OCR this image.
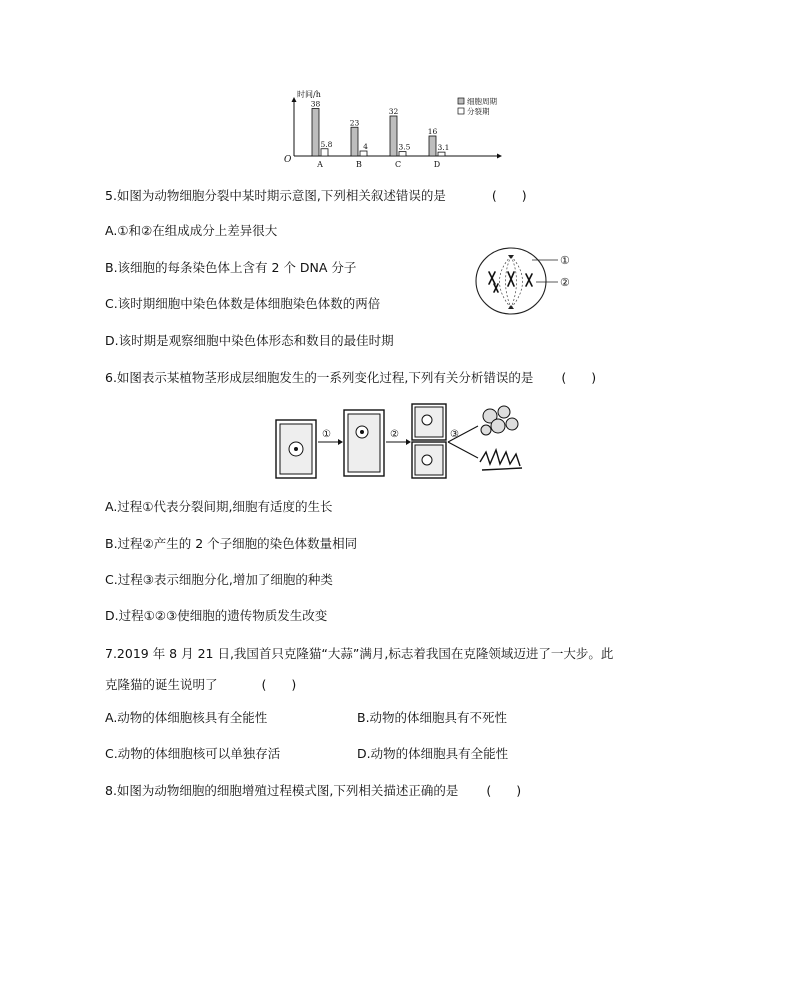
时间/h
O
38
5.8
A
23
4
B
32
3.5
C
16
3.1
D
细胞周期
分裂期
5.如图为动物细胞分裂中某时期示意图,下列相关叙述错误的是	(　　)
A.①和②在组成成分上差异很大
B.该细胞的每条染色体上含有 2 个 DNA 分子
C.该时期细胞中染色体数是体细胞染色体数的两倍
D.该时期是观察细胞中染色体形态和数目的最佳时期
①
②
6.如图表示某植物茎形成层细胞发生的一系列变化过程,下列有关分析错误的是 (　　)
①	②	③
A.过程①代表分裂间期,细胞有适度的生长
B.过程②产生的 2 个子细胞的染色体数量相同
C.过程③表示细胞分化,增加了细胞的种类
D.过程①②③使细胞的遗传物质发生改变
7.2019 年 8 月 21 日,我国首只克隆猫“大蒜”满月,标志着我国在克隆领域迈进了一大步。此
克隆猫的诞生说明了	(　　)
A.动物的体细胞核具有全能性	B.动物的体细胞具有不死性
C.动物的体细胞核可以单独存活	D.动物的体细胞具有全能性
8.如图为动物细胞的细胞增殖过程模式图,下列相关描述正确的是 (　　)
